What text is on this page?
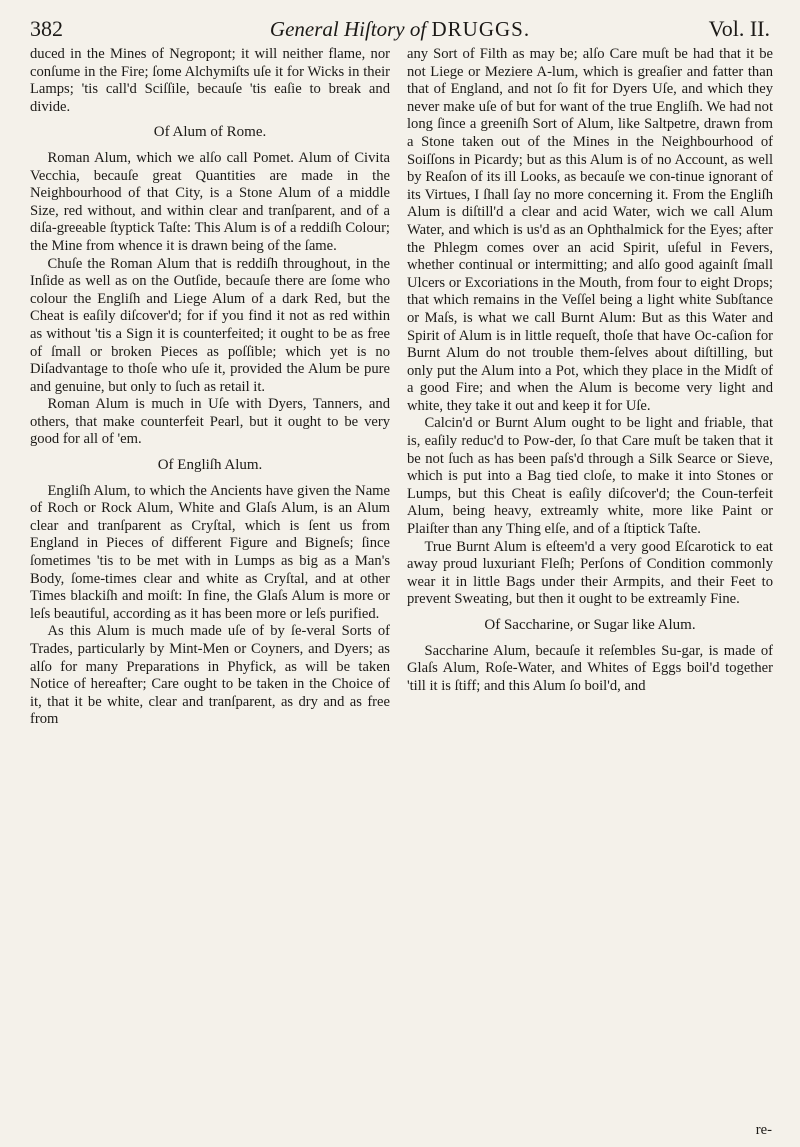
382	General Hiſtory of DRUGGS.	Vol. II.

duced in the Mines of Negropont; it will neither flame, nor conſume in the Fire; ſome Alchymiſts uſe it for Wicks in their Lamps; 'tis call'd Sciſſile, becauſe 'tis eaſie to break and divide.

Of Alum of Rome.

Roman Alum, which we alſo call Pomet. Alum of Civita Vecchia, becauſe great Quantities are made in the Neighbourhood of that City, is a Stone Alum of a middle Size, red without, and within clear and tranſparent, and of a diſa-greeable ſtyptick Taſte: This Alum is of a reddiſh Colour; the Mine from whence it is drawn being of the ſame.

Chuſe the Roman Alum that is reddiſh throughout, in the Inſide as well as on the Outſide, becauſe there are ſome who colour the Engliſh and Liege Alum of a dark Red, but the Cheat is eaſily diſcover'd; for if you find it not as red within as without 'tis a Sign it is counterfeited; it ought to be as free of ſmall or broken Pieces as poſſible; which yet is no Diſadvantage to thoſe who uſe it, provided the Alum be pure and genuine, but only to ſuch as retail it.

Roman Alum is much in Uſe with Dyers, Tanners, and others, that make counterfeit Pearl, but it ought to be very good for all of 'em.

Of Engliſh Alum.

Engliſh Alum, to which the Ancients have given the Name of Roch or Rock Alum, White and Glaſs Alum, is an Alum clear and tranſparent as Cryſtal, which is ſent us from England in Pieces of different Figure and Bigneſs; ſince ſometimes 'tis to be met with in Lumps as big as a Man's Body, ſome-times clear and white as Cryſtal, and at other Times blackiſh and moiſt: In fine, the Glaſs Alum is more or leſs beautiful, according as it has been more or leſs purified.

As this Alum is much made uſe of by ſe-veral Sorts of Trades, particularly by Mint-Men or Coyners, and Dyers; as alſo for many Preparations in Phyfick, as will be taken Notice of hereafter; Care ought to be taken in the Choice of it, that it be white, clear and tranſparent, as dry and as free from

any Sort of Filth as may be; alſo Care muſt be had that it be not Liege or Meziere A-lum, which is greaſier and fatter than that of England, and not ſo fit for Dyers Uſe, and which they never make uſe of but for want of the true Engliſh. We had not long ſince a greeniſh Sort of Alum, like Saltpetre, drawn from a Stone taken out of the Mines in the Neighbourhood of Soiſſons in Picardy; but as this Alum is of no Account, as well by Reaſon of its ill Looks, as becauſe we con-tinue ignorant of its Virtues, I ſhall ſay no more concerning it. From the Engliſh Alum is diſtill'd a clear and acid Water, wich we call Alum Water, and which is us'd as an Ophthalmick for the Eyes; after the Phlegm comes over an acid Spirit, uſeful in Fevers, whether continual or intermitting; and alſo good againſt ſmall Ulcers or Excoriations in the Mouth, from four to eight Drops; that which remains in the Veſſel being a light white Subſtance or Maſs, is what we call Burnt Alum: But as this Water and Spirit of Alum is in little requeſt, thoſe that have Oc-caſion for Burnt Alum do not trouble them-ſelves about diſtilling, but only put the Alum into a Pot, which they place in the Midſt of a good Fire; and when the Alum is become very light and white, they take it out and keep it for Uſe.

Calcin'd or Burnt Alum ought to be light and friable, that is, eaſily reduc'd to Pow-der, ſo that Care muſt be taken that it be not ſuch as has been paſs'd through a Silk Searce or Sieve, which is put into a Bag tied cloſe, to make it into Stones or Lumps, but this Cheat is eaſily diſcover'd; the Coun-terfeit Alum, being heavy, extreamly white, more like Paint or Plaiſter than any Thing elſe, and of a ſtiptick Taſte.

True Burnt Alum is eſteem'd a very good Eſcarotick to eat away proud luxuriant Fleſh; Perſons of Condition commonly wear it in little Bags under their Armpits, and their Feet to prevent Sweating, but then it ought to be extreamly Fine.

Of Saccharine, or Sugar like Alum.

Saccharine Alum, becauſe it reſembles Su-gar, is made of Glaſs Alum, Roſe-Water, and Whites of Eggs boil'd together 'till it is ſtiff; and this Alum ſo boil'd, and

re-
